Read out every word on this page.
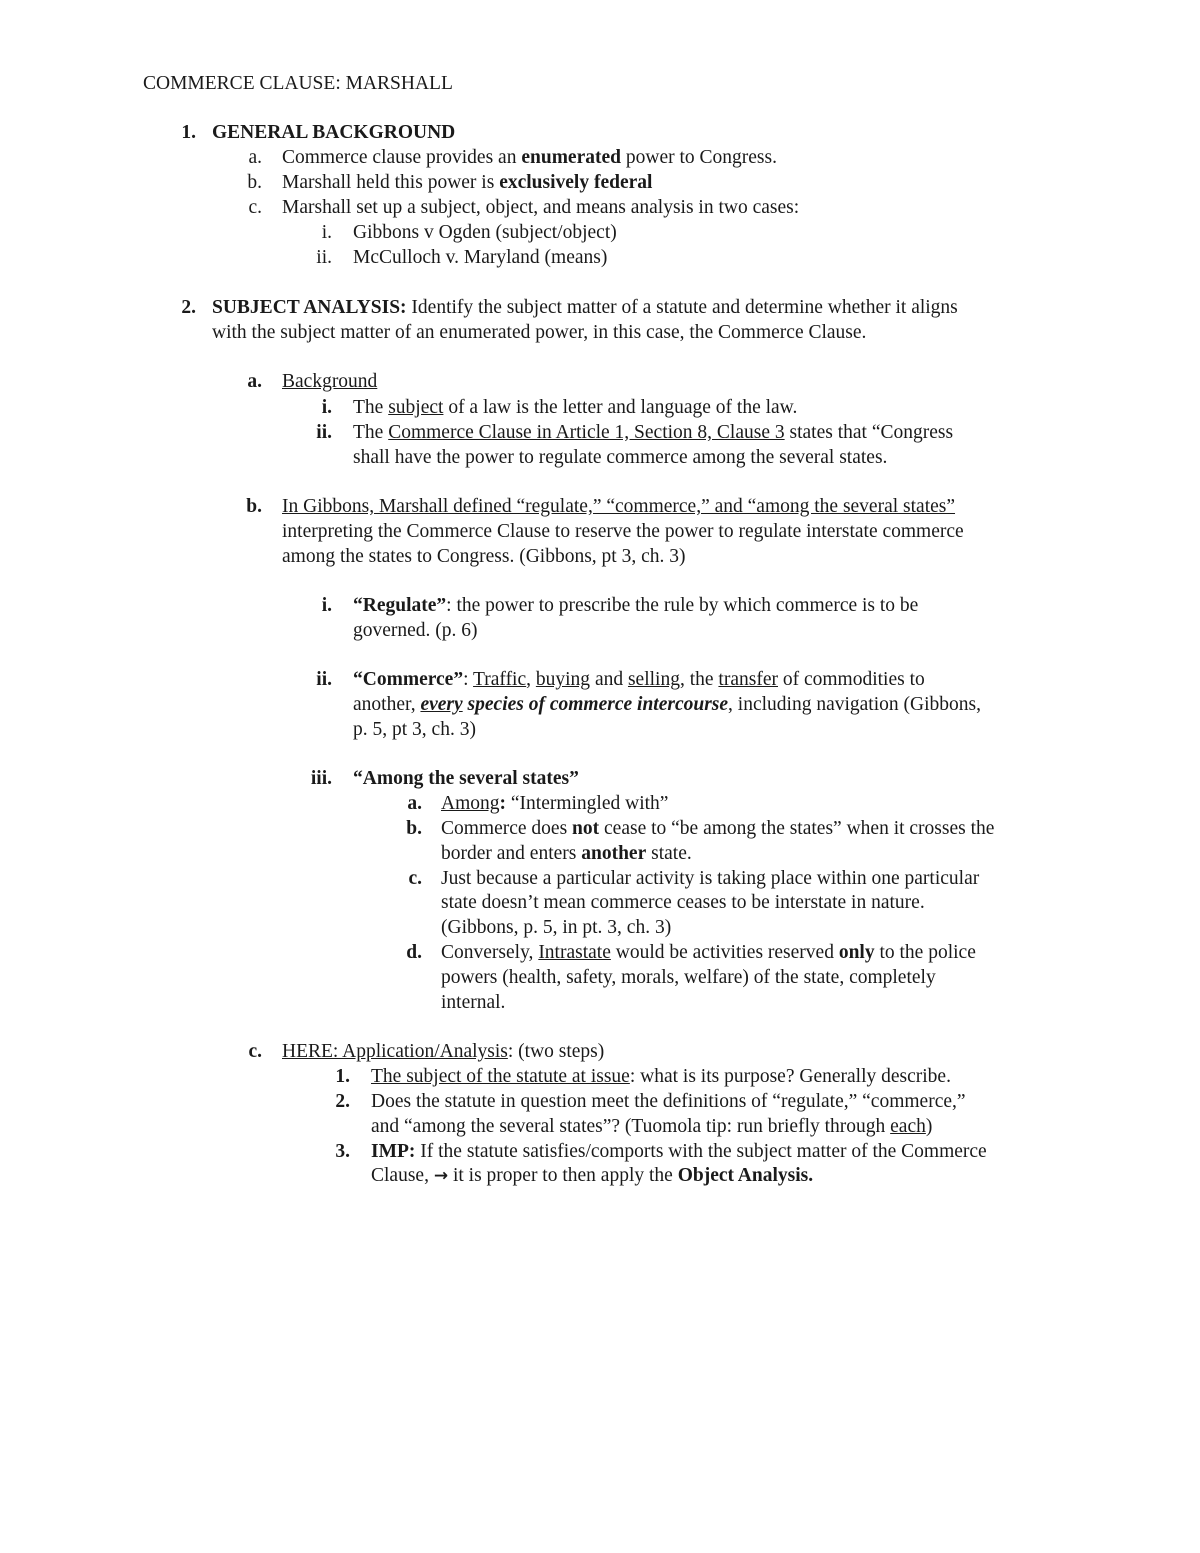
COMMERCE CLAUSE: MARSHALL
1. GENERAL BACKGROUND
a. Commerce clause provides an enumerated power to Congress.
b. Marshall held this power is exclusively federal
c. Marshall set up a subject, object, and means analysis in two cases:
i. Gibbons v Ogden (subject/object)
ii. McCulloch v. Maryland (means)
2. SUBJECT ANALYSIS: Identify the subject matter of a statute and determine whether it aligns
with the subject matter of an enumerated power, in this case, the Commerce Clause.
a. Background
i. The subject of a law is the letter and language of the law.
ii. The Commerce Clause in Article 1, Section 8, Clause 3 states that “Congress
shall have the power to regulate commerce among the several states.
b. In Gibbons, Marshall defined “regulate,” “commerce,” and “among the several states”
interpreting the Commerce Clause to reserve the power to regulate interstate commerce
among the states to Congress. (Gibbons, pt 3, ch. 3)
i. “Regulate”: the power to prescribe the rule by which commerce is to be
governed. (p. 6)
ii. “Commerce”: Traffic, buying and selling, the transfer of commodities to
another, every species of commerce intercourse, including navigation (Gibbons,
p. 5, pt 3, ch. 3)
iii. “Among the several states”
a. Among: “Intermingled with”
b. Commerce does not cease to “be among the states” when it crosses the
border and enters another state.
c. Just because a particular activity is taking place within one particular
state doesn’t mean commerce ceases to be interstate in nature.
(Gibbons, p. 5, in pt. 3, ch. 3)
d. Conversely, Intrastate would be activities reserved only to the police
powers (health, safety, morals, welfare) of the state, completely
internal.
c. HERE: Application/Analysis: (two steps)
1. The subject of the statute at issue: what is its purpose? Generally describe.
2. Does the statute in question meet the definitions of “regulate,” “commerce,”
and “among the several states”? (Tuomola tip: run briefly through each)
3. IMP: If the statute satisfies/comports with the subject matter of the Commerce
Clause, → it is proper to then apply the Object Analysis.
